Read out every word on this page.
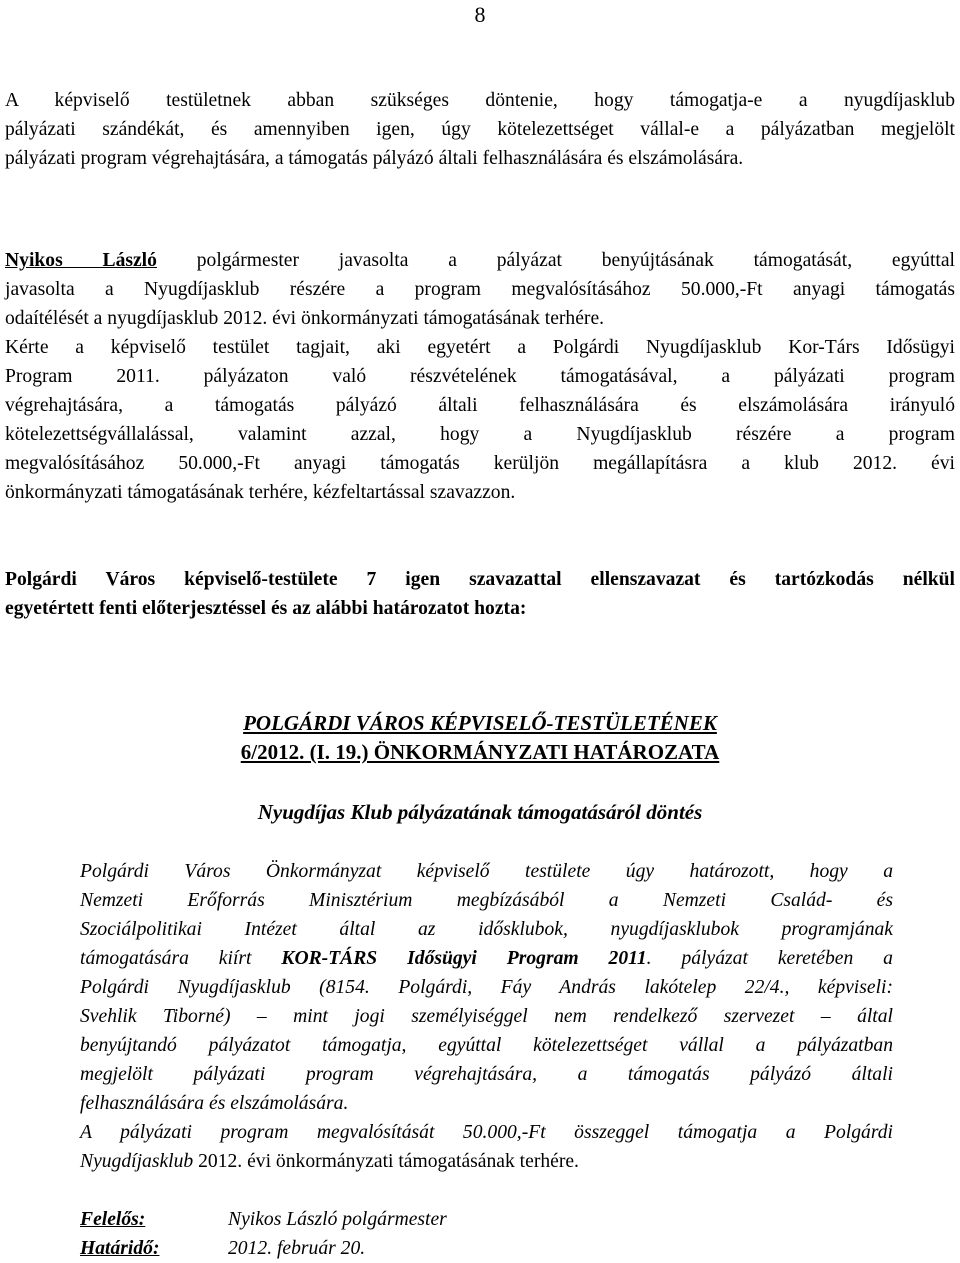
8
A képviselő testületnek abban szükséges döntenie, hogy támogatja-e a nyugdíjasklub
pályázati szándékát, és amennyiben igen, úgy kötelezettséget vállal-e a pályázatban megjelölt
pályázati program végrehajtására, a támogatás pályázó általi felhasználására és elszámolására.
Nyikos László polgármester javasolta a pályázat benyújtásának támogatását, egyúttal
javasolta a Nyugdíjasklub részére a program megvalósításához 50.000,-Ft anyagi támogatás
odaítélését a nyugdíjasklub 2012. évi önkormányzati támogatásának terhére.
Kérte a képviselő testület tagjait, aki egyetért a Polgárdi Nyugdíjasklub Kor-Társ Idősügyi
Program 2011. pályázaton való részvételének támogatásával, a pályázati program
végrehajtására, a támogatás pályázó általi felhasználására és elszámolására irányuló
kötelezettségvállalással, valamint azzal, hogy a Nyugdíjasklub részére a program
megvalósításához 50.000,-Ft anyagi támogatás kerüljön megállapításra a klub 2012. évi
önkormányzati támogatásának terhére, kézfeltartással szavazzon.
Polgárdi Város képviselő-testülete 7 igen szavazattal ellenszavazat és tartózkodás nélkül
egyetértett fenti előterjesztéssel és az alábbi határozatot hozta:
POLGÁRDI VÁROS KÉPVISELŐ-TESTÜLETÉNEK
6/2012. (I. 19.) ÖNKORMÁNYZATI HATÁROZATA
Nyugdíjas Klub pályázatának támogatásáról döntés
Polgárdi Város Önkormányzat képviselő testülete úgy határozott, hogy a
Nemzeti Erőforrás Minisztérium megbízásából a Nemzeti Család- és
Szociálpolitikai Intézet által az idősklubok, nyugdíjasklubok programjának
támogatására kiírt KOR-TÁRS Idősügyi Program 2011. pályázat keretében a
Polgárdi Nyugdíjasklub (8154. Polgárdi, Fáy András lakótelep 22/4., képviseli:
Svehlik Tiborné) – mint jogi személyiséggel nem rendelkező szervezet – által
benyújtandó pályázatot támogatja, egyúttal kötelezettséget vállal a pályázatban
megjelölt pályázati program végrehajtására, a támogatás pályázó általi
felhasználására és elszámolására.
A pályázati program megvalósítását 50.000,-Ft összeggel támogatja a Polgárdi
Nyugdíjasklub 2012. évi önkormányzati támogatásának terhére.
Felelős:	Nyikos László polgármester
Határidő:	2012. február 20.
